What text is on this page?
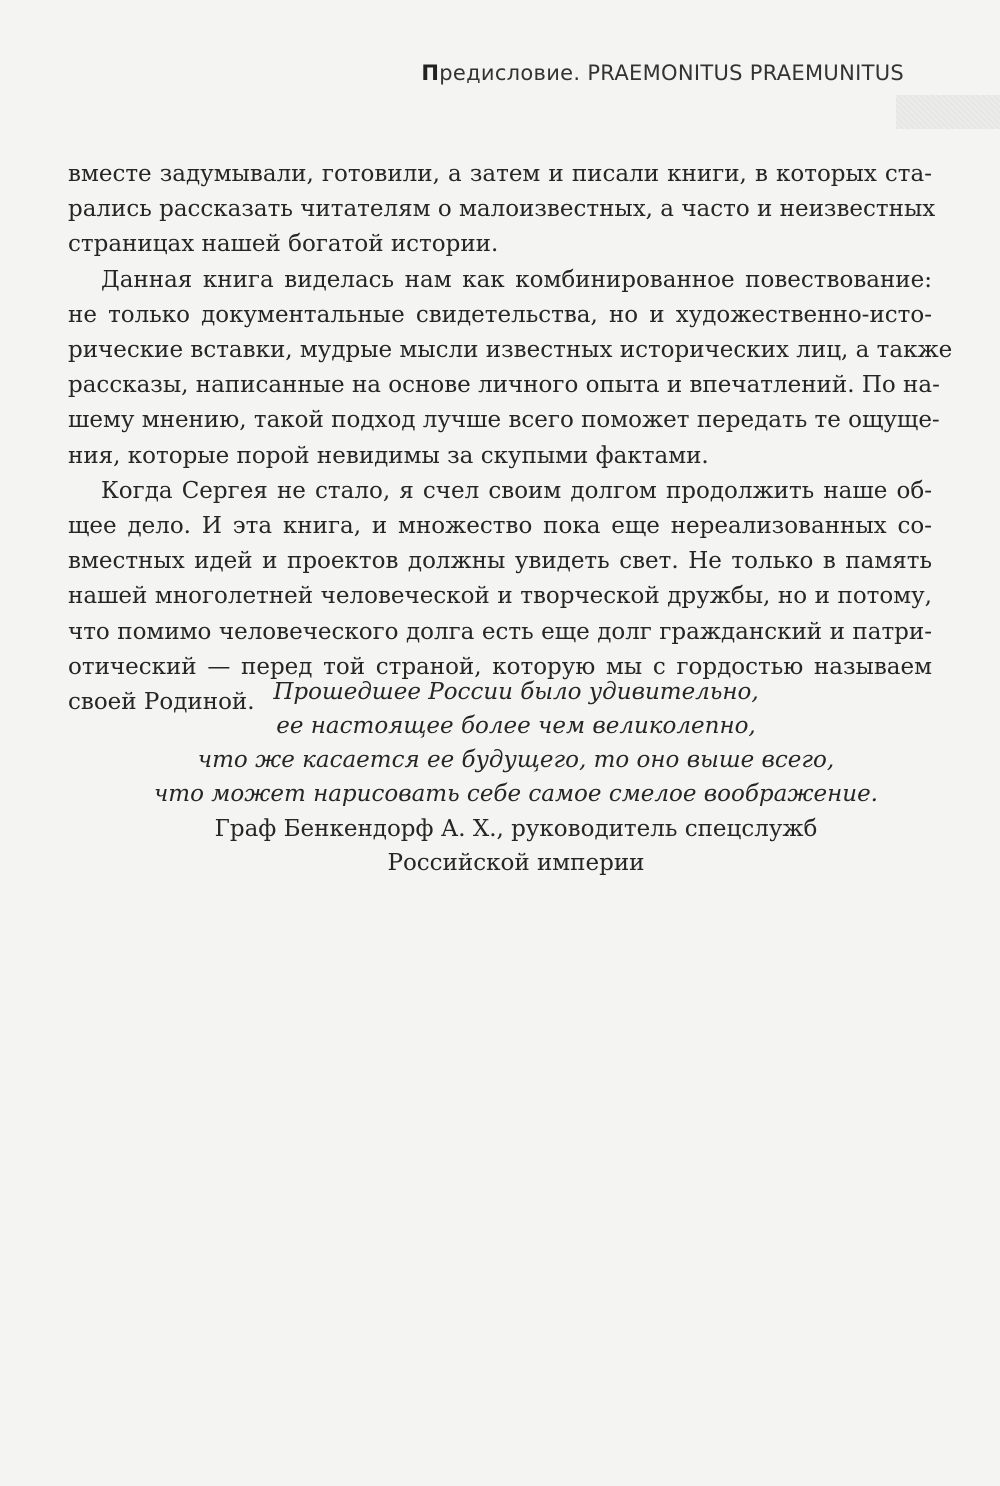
Предисловие. PRAEMONITUS PRAEMUNITUS
вместе задумывали, готовили, а затем и писали книги, в которых ста-
рались рассказать читателям о малоизвестных, а часто и неизвестных
страницах нашей богатой истории.
Данная книга виделась нам как комбинированное повествование:
не только документальные свидетельства, но и художественно-исто-
рические вставки, мудрые мысли известных исторических лиц, а также
рассказы, написанные на основе личного опыта и впечатлений. По на-
шему мнению, такой подход лучше всего поможет передать те ощуще-
ния, которые порой невидимы за скупыми фактами.
Когда Сергея не стало, я счел своим долгом продолжить наше об-
щее дело. И эта книга, и множество пока еще нереализованных со-
вместных идей и проектов должны увидеть свет. Не только в память
нашей многолетней человеческой и творческой дружбы, но и потому,
что помимо человеческого долга есть еще долг гражданский и патри-
отический — перед той страной, которую мы с гордостью называем
своей Родиной. Прошедшее России было удивительно,
ее настоящее более чем великолепно,
что же касается ее будущего, то оно выше всего,
что может нарисовать себе самое смелое воображение.
Граф Бенкендорф А. Х., руководитель спецслужб
Российской империи
